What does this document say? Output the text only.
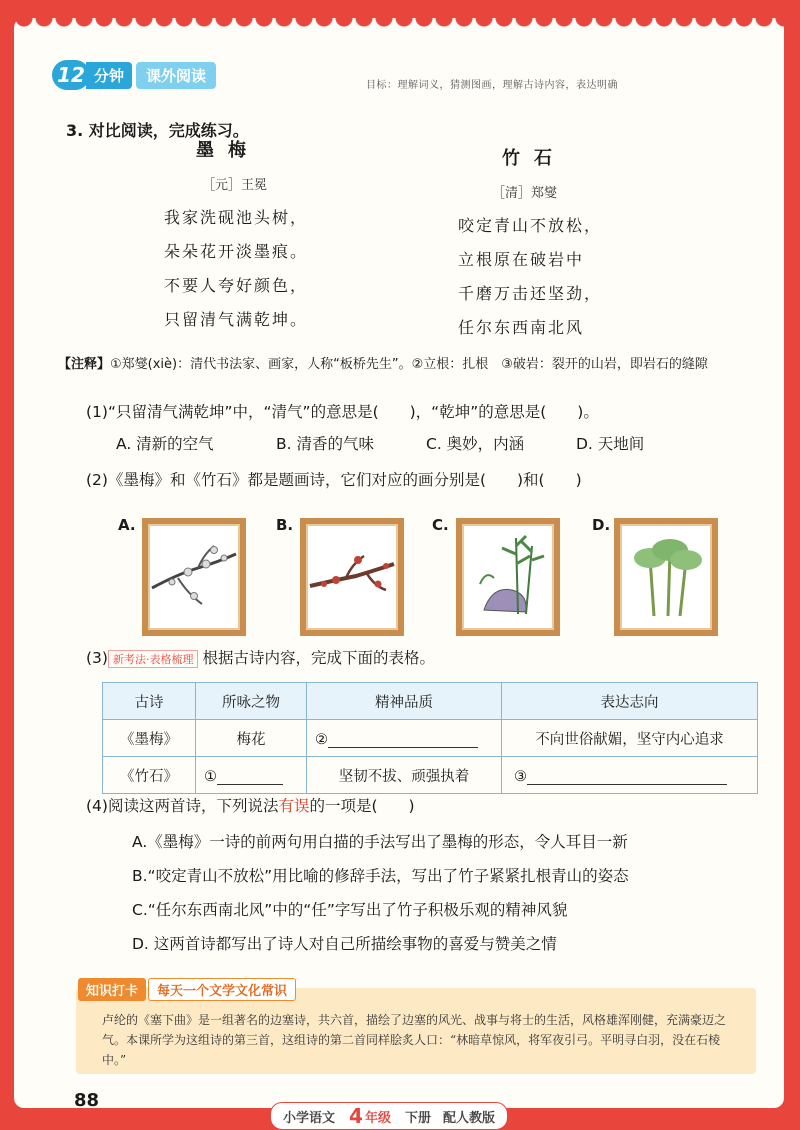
12 分钟	课外阅读
目标：理解词义，猜测图画，理解古诗内容，表达明确
3. 对比阅读，完成练习。
墨梅
［元］王冕
我家洗砚池头树，
朵朵花开淡墨痕。
不要人夸好颜色，
只留清气满乾坤。
竹石
［清］郑燮
咬定青山不放松，
立根原在破岩中
千磨万击还坚劲，
任尔东西南北风
【注释】①郑燮(xiè)：清代书法家、画家，人称“板桥先生”。②立根：扎根　③破岩：裂开的山岩，即岩石的缝隙
(1)“只留清气满乾坤”中，“清气”的意思是(　　)，“乾坤”的意思是(　　)。
A. 清新的空气	B. 清香的气味	C. 奥妙，内涵	D. 天地间
(2)《墨梅》和《竹石》都是题画诗，它们对应的画分别是(　　)和(　　)
A.	B.	C.	D.
(3) 新考法·表格梳理 根据古诗内容，完成下面的表格。
古诗	所咏之物	精神品质	表达志向
《墨梅》	梅花	②	不向世俗献媚，坚守内心追求
《竹石》	①	坚韧不拔、顽强执着	③
(4)阅读这两首诗，下列说法有误的一项是(　　)
A.《墨梅》一诗的前两句用白描的手法写出了墨梅的形态，令人耳目一新
B.“咬定青山不放松”用比喻的修辞手法，写出了竹子紧紧扎根青山的姿态
C.“任尔东西南北风”中的“任”字写出了竹子积极乐观的精神风貌
D. 这两首诗都写出了诗人对自己所描绘事物的喜爱与赞美之情
知识打卡	每天一个文学文化常识
卢纶的《塞下曲》是一组著名的边塞诗，共六首，描绘了边塞的风光、战事与将士的生活，风格雄浑刚健，充满豪迈之气。本课所学为这组诗的第三首，这组诗的第二首同样脍炙人口：“林暗草惊风，将军夜引弓。平明寻白羽，没在石棱中。”
88
小学语文 4 年级 下册 配人教版
